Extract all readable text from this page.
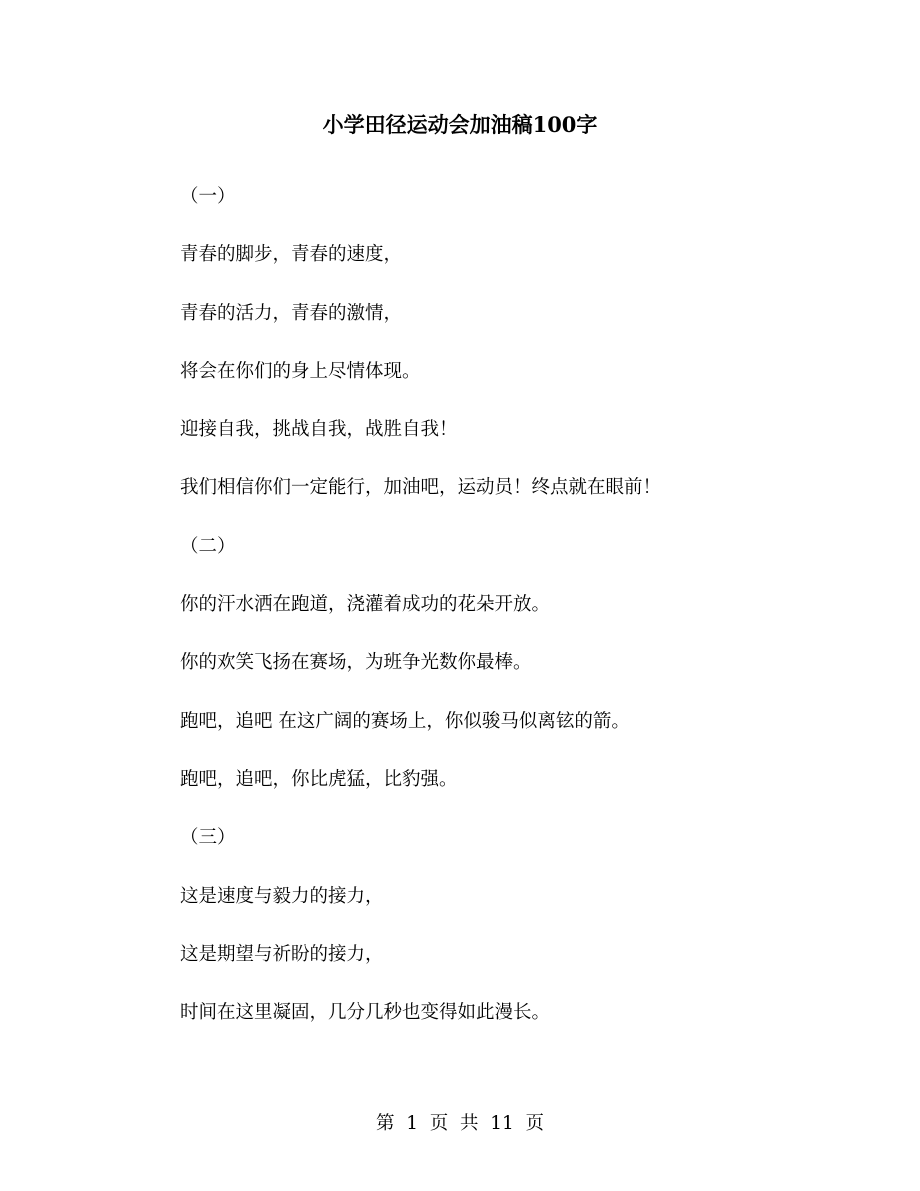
小学田径运动会加油稿100字

（一）

青春的脚步，青春的速度，

青春的活力，青春的激情，

将会在你们的身上尽情体现。

迎接自我，挑战自我，战胜自我！

我们相信你们一定能行，加油吧，运动员！终点就在眼前！

（二）

你的汗水洒在跑道，浇灌着成功的花朵开放。

你的欢笑飞扬在赛场，为班争光数你最棒。

跑吧，追吧 在这广阔的赛场上，你似骏马似离铉的箭。

跑吧，追吧，你比虎猛，比豹强。

（三）

这是速度与毅力的接力，

这是期望与祈盼的接力，

时间在这里凝固，几分几秒也变得如此漫长。

第  1  页  共  11  页
